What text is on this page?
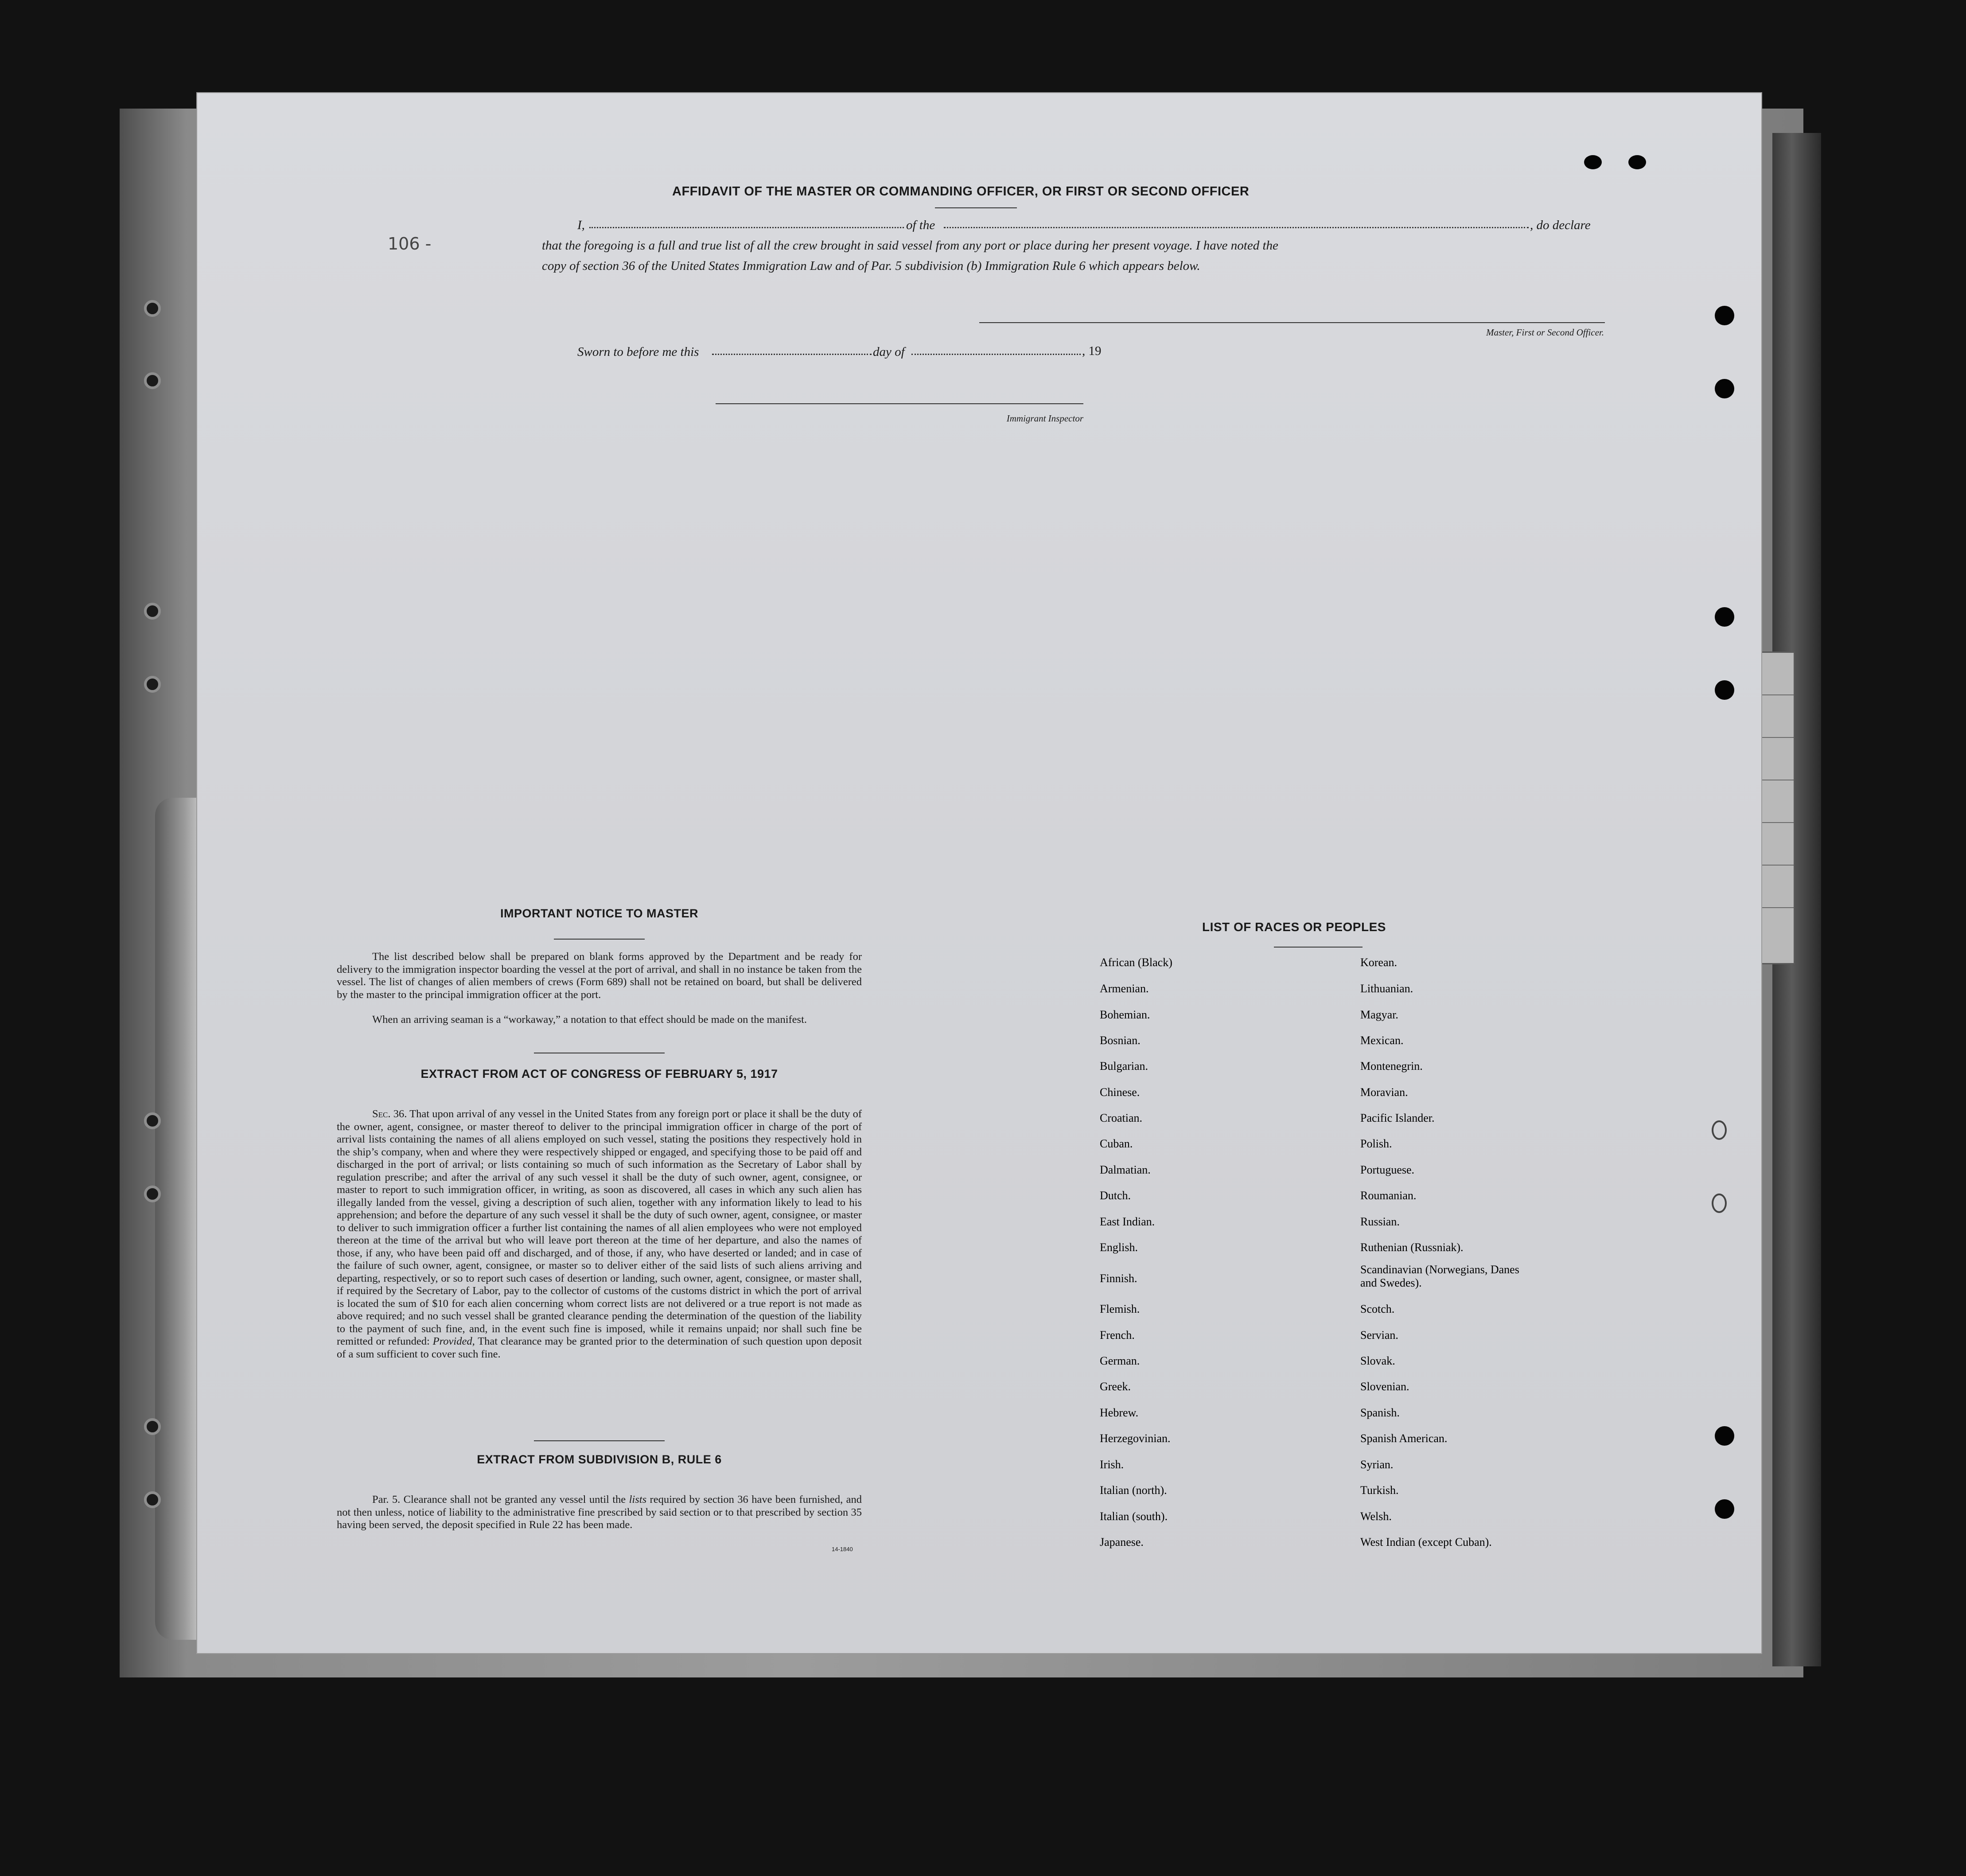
AFFIDAVIT OF THE MASTER OR COMMANDING OFFICER, OR FIRST OR SECOND OFFICER
106 -
I,	of the	, do declare
that the foregoing is a full and true list of all the crew brought in said vessel from any port or place during her present voyage. I have noted the
copy of section 36 of the United States Immigration Law and of Par. 5 subdivision (b) Immigration Rule 6 which appears below.
Master, First or Second Officer.
Sworn to before me this	day of	, 19
Immigrant Inspector
IMPORTANT NOTICE TO MASTER
The list described below shall be prepared on blank forms approved by the Department and be ready for delivery to the immigration inspector boarding the vessel at the port of arrival, and shall in no instance be taken from the vessel. The list of changes of alien members of crews (Form 689) shall not be retained on board, but shall be delivered by the master to the principal immigration officer at the port.
When an arriving seaman is a “workaway,” a notation to that effect should be made on the manifest.
EXTRACT FROM ACT OF CONGRESS OF FEBRUARY 5, 1917
Sec. 36. That upon arrival of any vessel in the United States from any foreign port or place it shall be the duty of the owner, agent, consignee, or master thereof to deliver to the principal immigration officer in charge of the port of arrival lists containing the names of all aliens employed on such vessel, stating the positions they respectively hold in the ship’s company, when and where they were respectively shipped or engaged, and specifying those to be paid off and discharged in the port of arrival; or lists containing so much of such information as the Secretary of Labor shall by regulation prescribe; and after the arrival of any such vessel it shall be the duty of such owner, agent, consignee, or master to report to such immigration officer, in writing, as soon as discovered, all cases in which any such alien has illegally landed from the vessel, giving a description of such alien, together with any information likely to lead to his apprehension; and before the departure of any such vessel it shall be the duty of such owner, agent, consignee, or master to deliver to such immigration officer a further list containing the names of all alien employees who were not employed thereon at the time of the arrival but who will leave port thereon at the time of her departure, and also the names of those, if any, who have been paid off and discharged, and of those, if any, who have deserted or landed; and in case of the failure of such owner, agent, consignee, or master so to deliver either of the said lists of such aliens arriving and departing, respectively, or so to report such cases of desertion or landing, such owner, agent, consignee, or master shall, if required by the Secretary of Labor, pay to the collector of customs of the customs district in which the port of arrival is located the sum of $10 for each alien concerning whom correct lists are not delivered or a true report is not made as above required; and no such vessel shall be granted clearance pending the determination of the question of the liability to the payment of such fine, and, in the event such fine is imposed, while it remains unpaid; nor shall such fine be remitted or refunded: Provided, That clearance may be granted prior to the determination of such question upon deposit of a sum sufficient to cover such fine.
EXTRACT FROM SUBDIVISION B, RULE 6
Par. 5. Clearance shall not be granted any vessel until the lists required by section 36 have been furnished, and not then unless, notice of liability to the administrative fine prescribed by said section or to that prescribed by section 35 having been served, the deposit specified in Rule 22 has been made.
14-1840
LIST OF RACES OR PEOPLES
African (Black)
Armenian.
Bohemian.
Bosnian.
Bulgarian.
Chinese.
Croatian.
Cuban.
Dalmatian.
Dutch.
East Indian.
English.
Finnish.
Flemish.
French.
German.
Greek.
Hebrew.
Herzegovinian.
Irish.
Italian (north).
Italian (south).
Japanese.
Korean.
Lithuanian.
Magyar.
Mexican.
Montenegrin.
Moravian.
Pacific Islander.
Polish.
Portuguese.
Roumanian.
Russian.
Ruthenian (Russniak).
Scandinavian (Norwegians, Danes and Swedes).
Scotch.
Servian.
Slovak.
Slovenian.
Spanish.
Spanish American.
Syrian.
Turkish.
Welsh.
West Indian (except Cuban).
